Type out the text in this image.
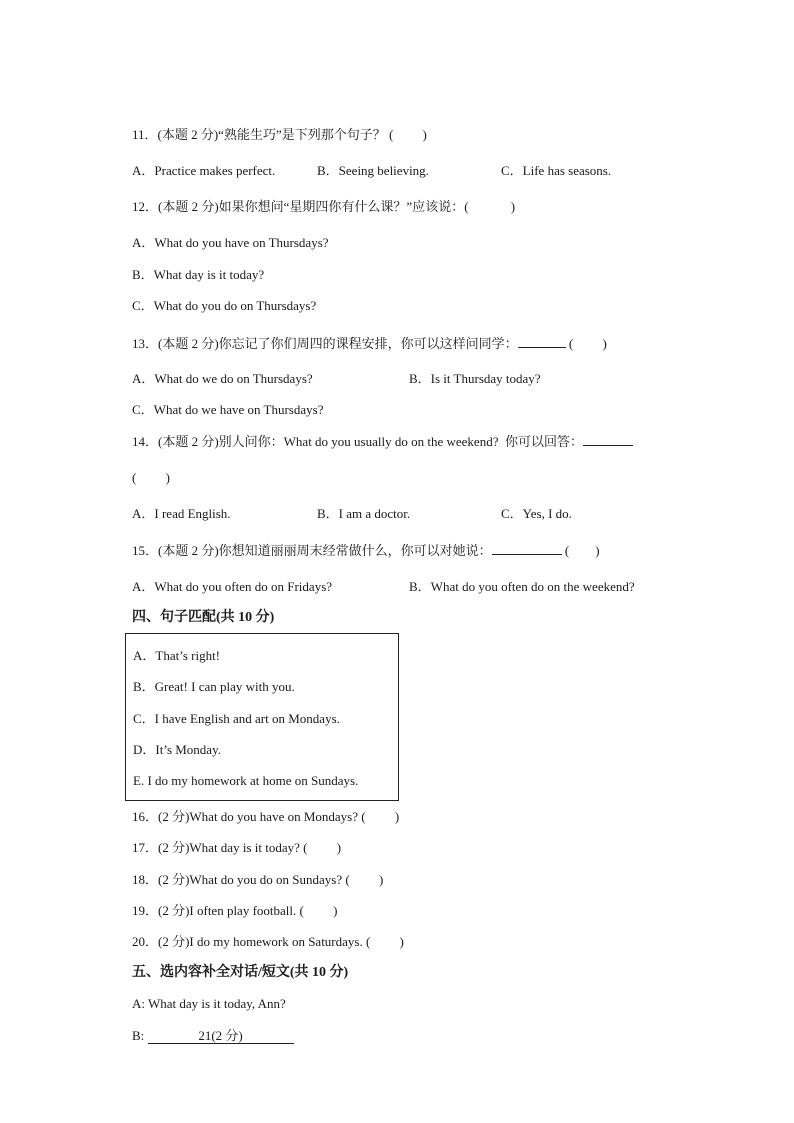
11．(本题 2 分)“熟能生巧”是下列那个句子？ (　　 )
A．Practice makes perfect.	B．Seeing believing.	C．Life has seasons.
12．(本题 2 分)如果你想问“星期四你有什么课？”应该说：(　　　 )
A．What do you have on Thursdays?
B．What day is it today?
C．What do you do on Thursdays?
13．(本题 2 分)你忘记了你们周四的课程安排，你可以这样问同学：	(　　 )
A．What do we do on Thursdays?	B．Is it Thursday today?
C．What do we have on Thursdays?
14．(本题 2 分)别人问你：What do you usually do on the weekend?  你可以回答：
(　　 )
A．I read English.	B．I am a doctor.	C．Yes, I do.
15．(本题 2 分)你想知道丽丽周末经常做什么，你可以对她说：	(　　)
A．What do you often do on Fridays?	B．What do you often do on the weekend?
四、句子匹配(共 10 分)
A．That’s right!
B．Great! I can play with you.
C．I have English and art on Mondays.
D．It’s Monday.
E. I do my homework at home on Sundays.
16．(2 分)What do you have on Mondays? (　　 )
17．(2 分)What day is it today? (　　 )
18．(2 分)What do you do on Sundays? (　　 )
19．(2 分)I often play football. (　　 )
20．(2 分)I do my homework on Saturdays. (　　 )
五、选内容补全对话/短文(共 10 分)
A: What day is it today, Ann?
B:	21(2 分)
